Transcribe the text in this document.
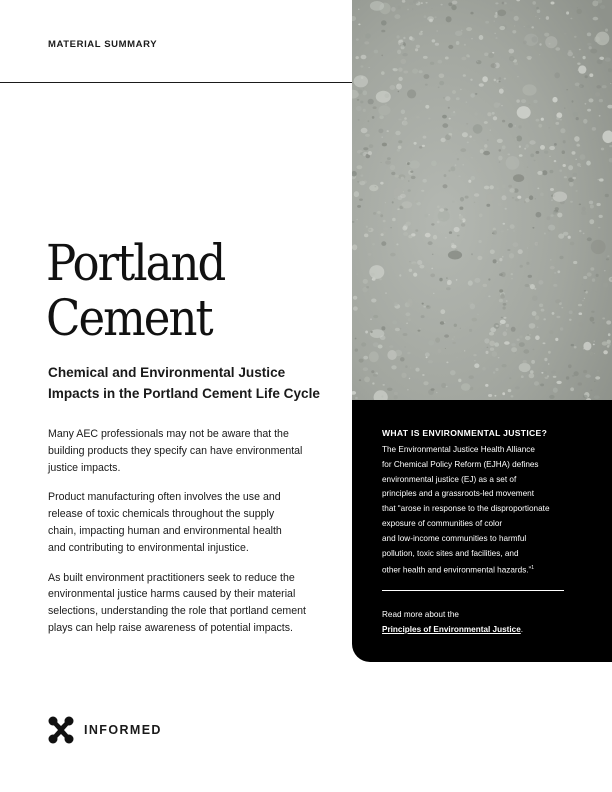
MATERIAL SUMMARY
Portland
Cement
Chemical and Environmental Justice
Impacts in the Portland Cement Life Cycle

Many AEC professionals may not be aware that the
building products they specify can have environmental
justice impacts.

Product manufacturing often involves the use and
release of toxic chemicals throughout the supply
chain, impacting human and environmental health
and contributing to environmental injustice.

As built environment practitioners seek to reduce the
environmental justice harms caused by their material
selections, understanding the role that portland cement
plays can help raise awareness of potential impacts.

WHAT IS ENVIRONMENTAL JUSTICE?

The Environmental Justice Health Alliance
for Chemical Policy Reform (EJHA) defines
environmental justice (EJ) as a set of
principles and a grassroots-led movement
that “arose in response to the disproportionate
exposure of communities of color
and low-income communities to harmful
pollution, toxic sites and facilities, and
other health and environmental hazards.”$^1$

Read more about the
Principles of Environmental Justice.
INFORMED
